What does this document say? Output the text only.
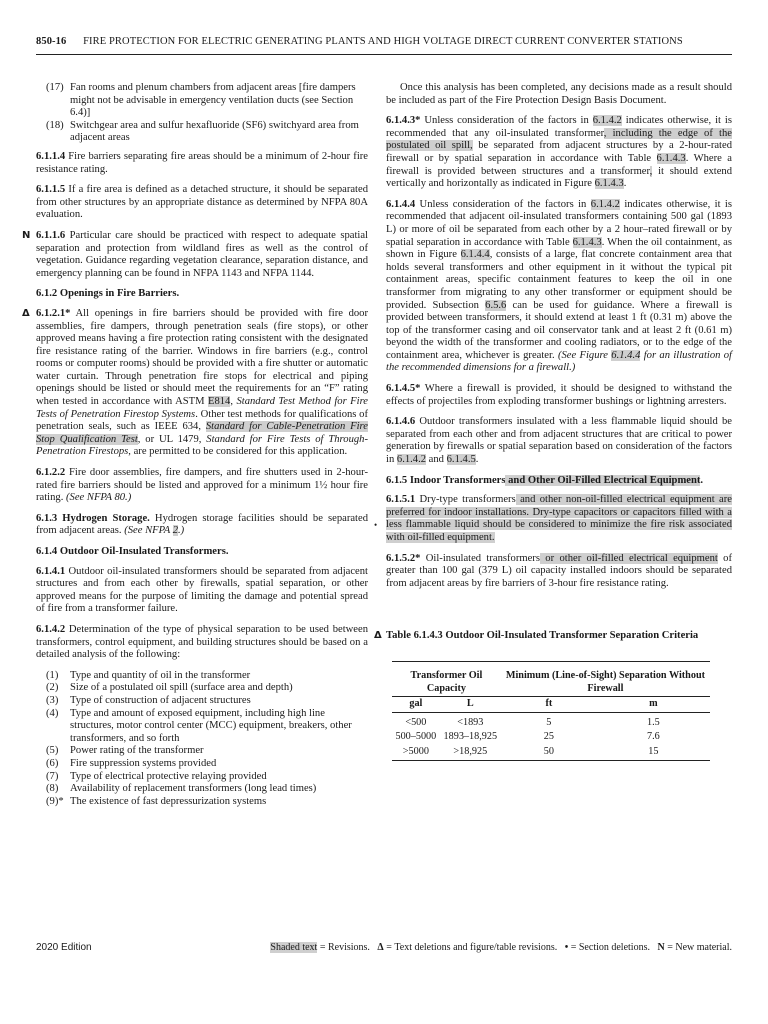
850-16 FIRE PROTECTION FOR ELECTRIC GENERATING PLANTS AND HIGH VOLTAGE DIRECT CURRENT CONVERTER STATIONS
(17) Fan rooms and plenum chambers from adjacent areas [fire dampers might not be advisable in emergency ventilation ducts (see Section 6.4)]
(18) Switchgear area and sulfur hexafluoride (SF6) switchyard area from adjacent areas

6.1.1.4 Fire barriers separating fire areas should be a minimum of 2-hour fire resistance rating.

6.1.1.5 If a fire area is defined as a detached structure, it should be separated from other structures by an appropriate distance as determined by NFPA 80A evaluation.

N 6.1.1.6 Particular care should be practiced with respect to adequate spatial separation and protection from wildland fires as well as the control of vegetation. Guidance regarding vegetation clearance, separation distance, and emergency planning can be found in NFPA 1143 and NFPA 1144.

6.1.2 Openings in Fire Barriers.

Δ 6.1.2.1* All openings in fire barriers should be provided with fire door assemblies, fire dampers, through penetration seals (fire stops), or other approved means having a fire protection rating consistent with the designated fire resistance rating of the barrier. Windows in fire barriers (e.g., control rooms or computer rooms) should be provided with a fire shutter or automatic water curtain. Through penetration fire stops for electrical and piping openings should be listed or should meet the requirements for an “F” rating when tested in accordance with ASTM E814, Standard Test Method for Fire Tests of Penetration Firestop Systems. Other test methods for qualifications of penetration seals, such as IEEE 634, Standard for Cable-Penetration Fire Stop Qualification Test, or UL 1479, Standard for Fire Tests of Through-Penetration Firestops, are permitted to be considered for this application.

6.1.2.2 Fire door assemblies, fire dampers, and fire shutters used in 2-hour-rated fire barriers should be listed and approved for a minimum 1½ hour fire rating. (See NFPA 80.)

6.1.3 Hydrogen Storage. Hydrogen storage facilities should be separated from adjacent areas. (See NFPA 2.)

6.1.4 Outdoor Oil-Insulated Transformers.

6.1.4.1 Outdoor oil-insulated transformers should be separated from adjacent structures and from each other by firewalls, spatial separation, or other approved means for the purpose of limiting the damage and potential spread of fire from a transformer failure.

6.1.4.2 Determination of the type of physical separation to be used between transformers, control equipment, and building structures should be based on a detailed analysis of the following:

(1)	Type and quantity of oil in the transformer
(2)	Size of a postulated oil spill (surface area and depth)
(3)	Type of construction of adjacent structures
(4)	Type and amount of exposed equipment, including high line structures, motor control center (MCC) equipment, breakers, other transformers, and so forth
(5)	Power rating of the transformer
(6)	Fire suppression systems provided
(7)	Type of electrical protective relaying provided
(8)	Availability of replacement transformers (long lead times)
(9)* The existence of fast depressurization systems

Once this analysis has been completed, any decisions made as a result should be included as part of the Fire Protection Design Basis Document.

6.1.4.3* Unless consideration of the factors in 6.1.4.2 indicates otherwise, it is recommended that any oil-insulated transformer, including the edge of the postulated oil spill, be separated from adjacent structures by a 2-hour-rated firewall or by spatial separation in accordance with Table 6.1.4.3. Where a firewall is provided between structures and a transformer, it should extend vertically and horizontally as indicated in Figure 6.1.4.3.

6.1.4.4 Unless consideration of the factors in 6.1.4.2 indicates otherwise, it is recommended that adjacent oil-insulated transformers containing 500 gal (1893 L) or more of oil be separated from each other by a 2 hour–rated firewall or by spatial separation in accordance with Table 6.1.4.3. When the oil containment, as shown in Figure 6.1.4.4, consists of a large, flat concrete containment area that holds several transformers and other equipment in it without the typical pit containment areas, specific containment features to keep the oil in one transformer from migrating to any other transformer or equipment should be provided. Subsection 6.5.6 can be used for guidance. Where a firewall is provided between transformers, it should extend at least 1 ft (0.31 m) above the top of the transformer casing and oil conservator tank and at least 2 ft (0.61 m) beyond the width of the transformer and cooling radiators, or to the edge of the containment area, whichever is greater. (See Figure 6.1.4.4 for an illustration of the recommended dimensions for a firewall.)

6.1.4.5* Where a firewall is provided, it should be designed to withstand the effects of projectiles from exploding transformer bushings or lightning arresters.

6.1.4.6 Outdoor transformers insulated with a less flammable liquid should be separated from each other and from adjacent structures that are critical to power generation by firewalls or spatial separation based on consideration of the factors in 6.1.4.2 and 6.1.4.5.

6.1.5 Indoor Transformers and Other Oil-Filled Electrical Equipment.

6.1.5.1 Dry-type transformers and other non-oil-filled electrical equipment are preferred for indoor installations. Dry-type capacitors or capacitors filled with a less flammable liquid should be considered to minimize the fire risk associated with oil-filled equipment.

6.1.5.2* Oil-insulated transformers or other oil-filled electrical equipment of greater than 100 gal (379 L) oil capacity installed indoors should be separated from adjacent areas by fire barriers of 3-hour fire resistance rating.

Δ Table 6.1.4.3 Outdoor Oil-Insulated Transformer Separation Criteria
Transformer Oil Capacity		Minimum (Line-of-Sight) Separation Without Firewall	
gal	L	ft	m
<500	<1893	5	1.5
500–5000	1893–18,925	25	7.6
>5000	>18,925	50	15
•
2020 Edition	Shaded text = Revisions. Δ = Text deletions and figure/table revisions. • = Section deletions. N = New material.
